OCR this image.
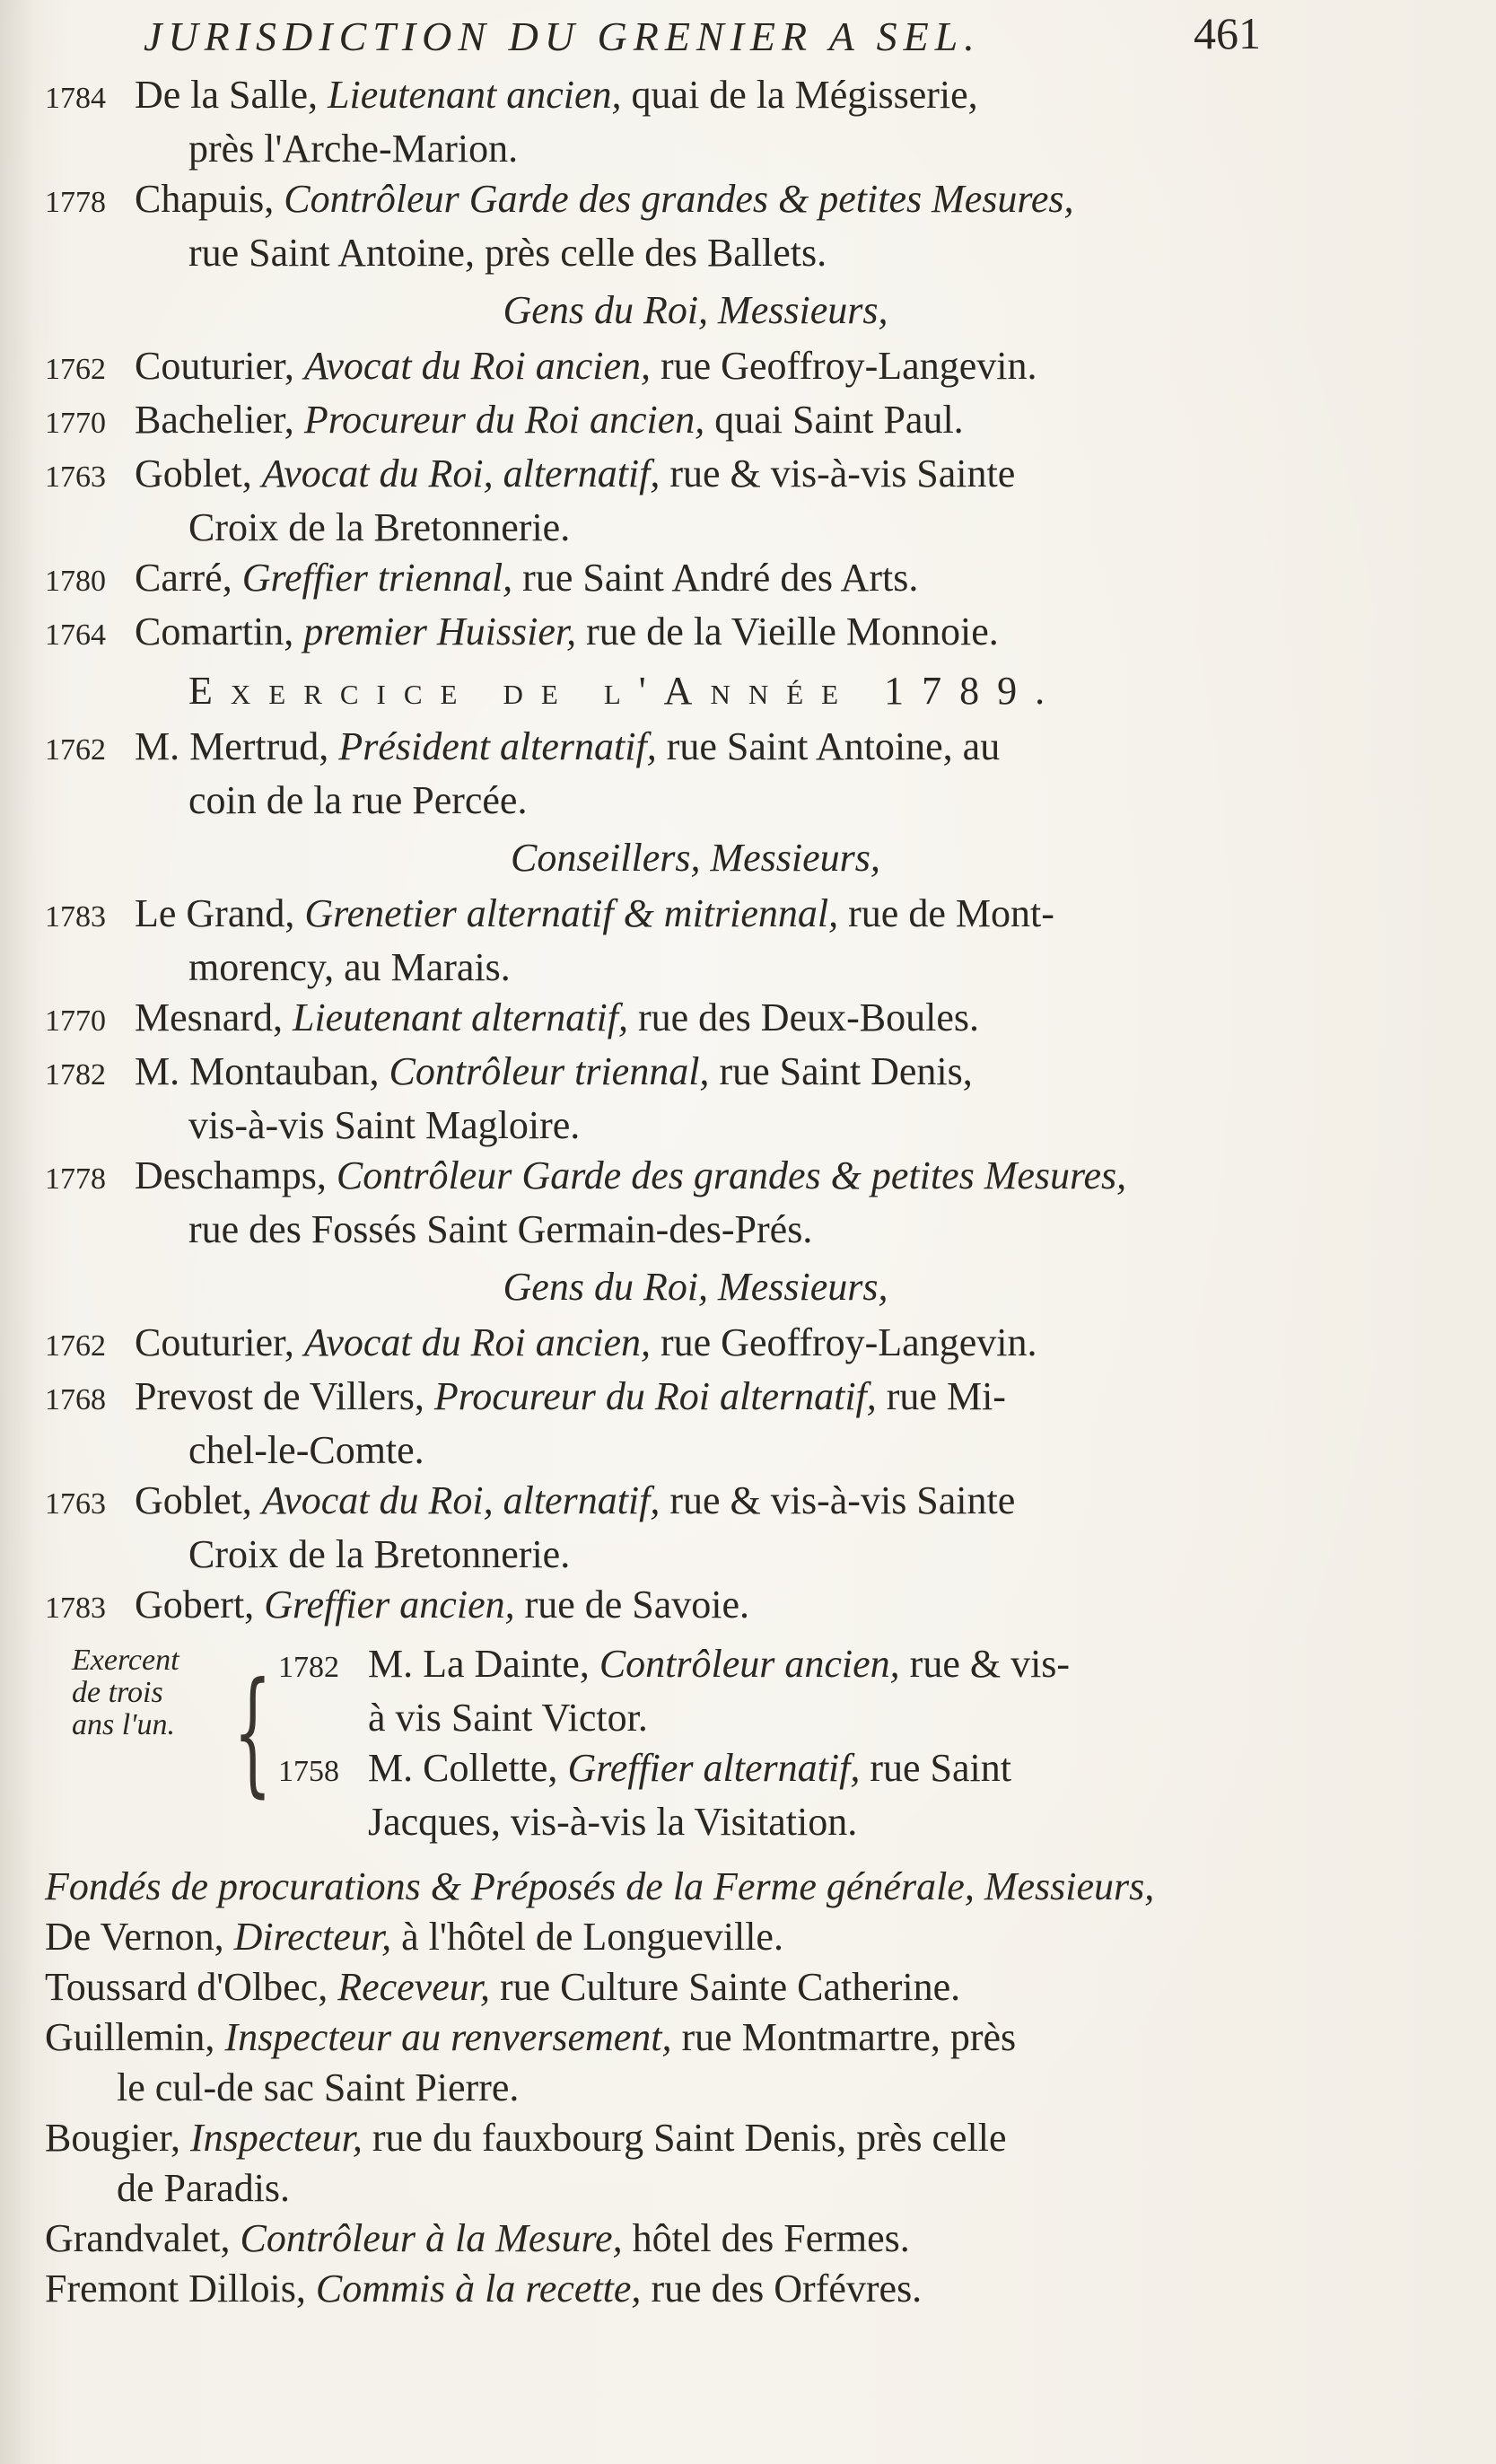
JURISDICTION DU GRENIER A SEL.	461
1784 De la Salle, Lieutenant ancien, quai de la Mégisserie,
près l'Arche-Marion.
1778 Chapuis, Contrôleur Garde des grandes & petites Mesures,
rue Saint Antoine, près celle des Ballets.
Gens du Roi, Messieurs,
1762 Couturier, Avocat du Roi ancien, rue Geoffroy-Langevin.
1770 Bachelier, Procureur du Roi ancien, quai Saint Paul.
1763 Goblet, Avocat du Roi, alternatif, rue & vis-à-vis Sainte
Croix de la Bretonnerie.
1780 Carré, Greffier triennal, rue Saint André des Arts.
1764 Comartin, premier Huissier, rue de la Vieille Monnoie.
Exercice de l'Année 1789.
1762 M. Mertrud, Président alternatif, rue Saint Antoine, au
coin de la rue Percée.
Conseillers, Messieurs,
1783 Le Grand, Grenetier alternatif & mitriennal, rue de Mont-
morency, au Marais.
1770 Mesnard, Lieutenant alternatif, rue des Deux-Boules.
1782 M. Montauban, Contrôleur triennal, rue Saint Denis,
vis-à-vis Saint Magloire.
1778 Deschamps, Contrôleur Garde des grandes & petites Mesures,
rue des Fossés Saint Germain-des-Prés.
Gens du Roi, Messieurs,
1762 Couturier, Avocat du Roi ancien, rue Geoffroy-Langevin.
1768 Prevost de Villers, Procureur du Roi alternatif, rue Mi-
chel-le-Comte.
1763 Goblet, Avocat du Roi, alternatif, rue & vis-à-vis Sainte
Croix de la Bretonnerie.
1783 Gobert, Greffier ancien, rue de Savoie.
Exercent de trois ans l'un. { 1782 M. La Dainte, Contrôleur ancien, rue & vis-
à vis Saint Victor.
1758 M. Collette, Greffier alternatif, rue Saint
Jacques, vis-à-vis la Visitation.
Fondés de procurations & Préposés de la Ferme générale, Messieurs,
De Vernon, Directeur, à l'hôtel de Longueville.
Toussard d'Olbec, Receveur, rue Culture Sainte Catherine.
Guillemin, Inspecteur au renversement, rue Montmartre, près
le cul-de sac Saint Pierre.
Bougier, Inspecteur, rue du fauxbourg Saint Denis, près celle
de Paradis.
Grandvalet, Contrôleur à la Mesure, hôtel des Fermes.
Fremont Dillois, Commis à la recette, rue des Orfévres.
